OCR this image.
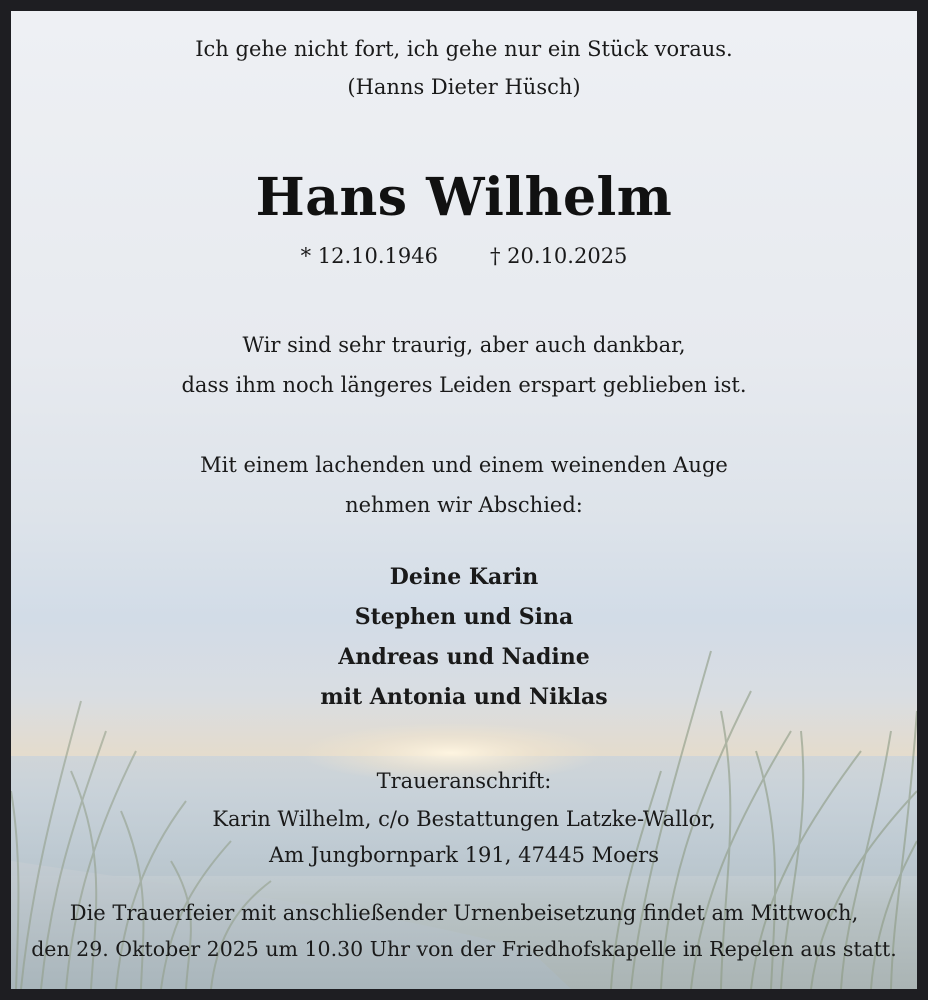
Ich gehe nicht fort, ich gehe nur ein Stück voraus.
(Hanns Dieter Hüsch)
Hans Wilhelm
* 12.10.1946 † 20.10.2025
Wir sind sehr traurig, aber auch dankbar,
dass ihm noch längeres Leiden erspart geblieben ist.
Mit einem lachenden und einem weinenden Auge
nehmen wir Abschied:
Deine Karin
Stephen und Sina
Andreas und Nadine
mit Antonia und Niklas
Traueranschrift:
Karin Wilhelm, c/o Bestattungen Latzke-Wallor,
Am Jungbornpark 191, 47445 Moers
Die Trauerfeier mit anschließender Urnenbeisetzung findet am Mittwoch,
den 29. Oktober 2025 um 10.30 Uhr von der Friedhofskapelle in Repelen aus statt.
